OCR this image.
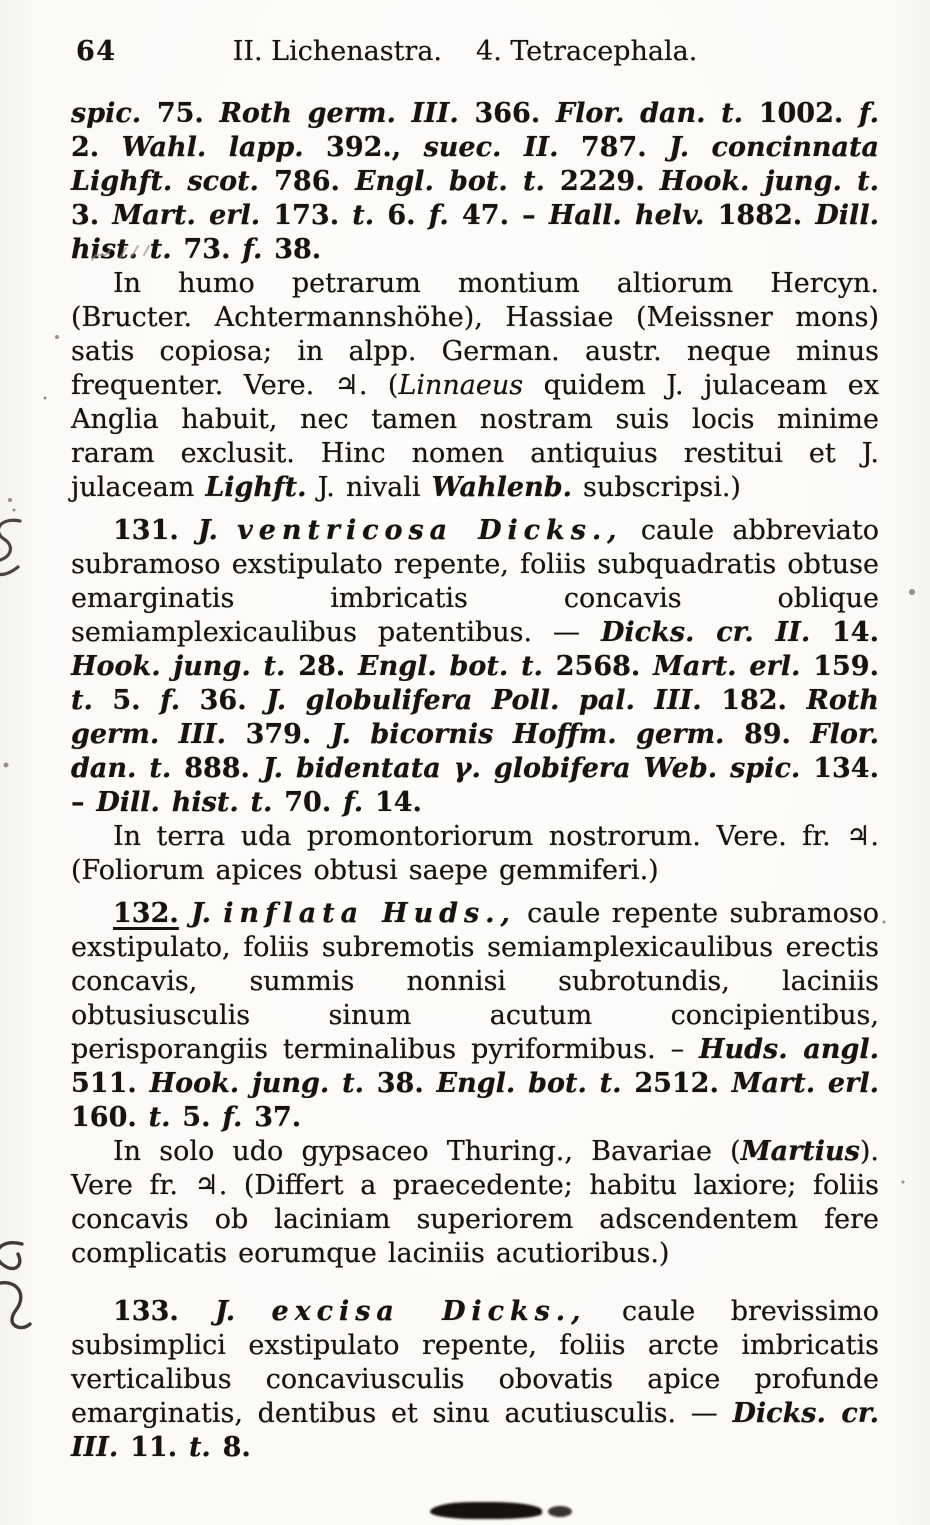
64	II. Lichenastra. 4. Tetracephala.

spic. 75. Roth germ. III. 366. Flor. dan. t. 1002. f. 2. Wahl. lapp. 392., suec. II. 787. J. concinnata Lighft. scot. 786. Engl. bot. t. 2229. Hook. jung. t. 3. Mart. erl. 173. t. 6. f. 47. – Hall. helv. 1882. Dill. hist. t. 73. f. 38.

In humo petrarum montium altiorum Hercyn. (Bructer. Achtermannshöhe), Hassiae (Meissner mons) satis copiosa; in alpp. German. austr. neque minus frequenter. Vere. ♃. (Linnaeus quidem J. julaceam ex Anglia habuit, nec tamen nostram suis locis minime raram exclusit. Hinc nomen antiquius restitui et J. julaceam Lighft. J. nivali Wahlenb. subscripsi.)

131. J. ventricosa Dicks., caule abbreviato subramoso exstipulato repente, foliis subquadratis obtuse emarginatis imbricatis concavis oblique semiamplexicaulibus patentibus. — Dicks. cr. II. 14. Hook. jung. t. 28. Engl. bot. t. 2568. Mart. erl. 159. t. 5. f. 36. J. globulifera Poll. pal. III. 182. Roth germ. III. 379. J. bicornis Hoffm. germ. 89. Flor. dan. t. 888. J. bidentata γ. globifera Web. spic. 134. – Dill. hist. t. 70. f. 14.

In terra uda promontoriorum nostrorum. Vere. fr. ♃. (Foliorum apices obtusi saepe gemmiferi.)

132. J. inflata Huds., caule repente subramoso exstipulato, foliis subremotis semiamplexicaulibus erectis concavis, summis nonnisi subrotundis, laciniis obtusiusculis sinum acutum concipientibus, perisporangiis terminalibus pyriformibus. – Huds. angl. 511. Hook. jung. t. 38. Engl. bot. t. 2512. Mart. erl. 160. t. 5. f. 37.

In solo udo gypsaceo Thuring., Bavariae (Martius). Vere fr. ♃. (Differt a praecedente; habitu laxiore; foliis concavis ob laciniam superiorem adscendentem fere complicatis eorumque laciniis acutioribus.)

133. J. excisa Dicks., caule brevissimo subsimplici exstipulato repente, foliis arcte imbricatis verticalibus concaviusculis obovatis apice profunde emarginatis, dentibus et sinu acutiusculis. — Dicks. cr. III. 11. t. 8.
